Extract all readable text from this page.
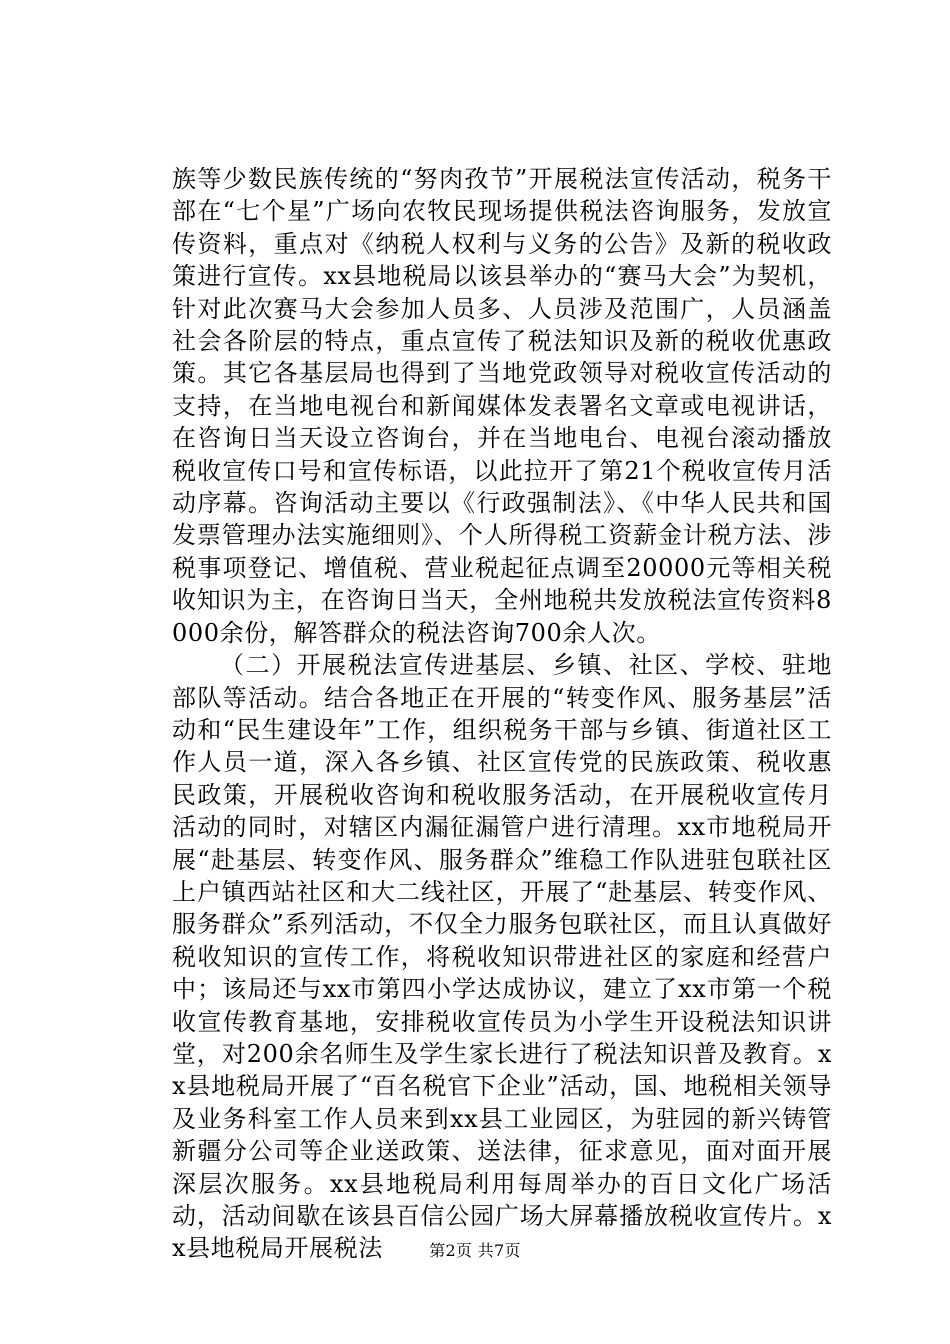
族等少数民族传统的“努肉孜节”开展税法宣传活动，税务干部在“七个星”广场向农牧民现场提供税法咨询服务，发放宣传资料，重点对《纳税人权利与义务的公告》及新的税收政策进行宣传。xx县地税局以该县举办的“赛马大会”为契机，针对此次赛马大会参加人员多、人员涉及范围广，人员涵盖社会各阶层的特点，重点宣传了税法知识及新的税收优惠政策。其它各基层局也得到了当地党政领导对税收宣传活动的支持，在当地电视台和新闻媒体发表署名文章或电视讲话，在咨询日当天设立咨询台，并在当地电台、电视台滚动播放税收宣传口号和宣传标语，以此拉开了第21个税收宣传月活动序幕。咨询活动主要以《行政强制法》、《中华人民共和国发票管理办法实施细则》、个人所得税工资薪金计税方法、涉税事项登记、增值税、营业税起征点调至20000元等相关税收知识为主，在咨询日当天，全州地税共发放税法宣传资料8000余份，解答群众的税法咨询700余人次。

（二）开展税法宣传进基层、乡镇、社区、学校、驻地部队等活动。结合各地正在开展的“转变作风、服务基层”活动和“民生建设年”工作，组织税务干部与乡镇、街道社区工作人员一道，深入各乡镇、社区宣传党的民族政策、税收惠民政策，开展税收咨询和税收服务活动，在开展税收宣传月活动的同时，对辖区内漏征漏管户进行清理。xx市地税局开展“赴基层、转变作风、服务群众”维稳工作队进驻包联社区上户镇西站社区和大二线社区，开展了“赴基层、转变作风、服务群众”系列活动，不仅全力服务包联社区，而且认真做好税收知识的宣传工作，将税收知识带进社区的家庭和经营户中；该局还与xx市第四小学达成协议，建立了xx市第一个税收宣传教育基地，安排税收宣传员为小学生开设税法知识讲堂，对200余名师生及学生家长进行了税法知识普及教育。xx县地税局开展了“百名税官下企业”活动，国、地税相关领导及业务科室工作人员来到xx县工业园区，为驻园的新兴铸管新疆分公司等企业送政策、送法律，征求意见，面对面开展深层次服务。xx县地税局利用每周举办的百日文化广场活动，活动间歇在该县百信公园广场大屏幕播放税收宣传片。xx县地税局开展税法	第2页 共7页
